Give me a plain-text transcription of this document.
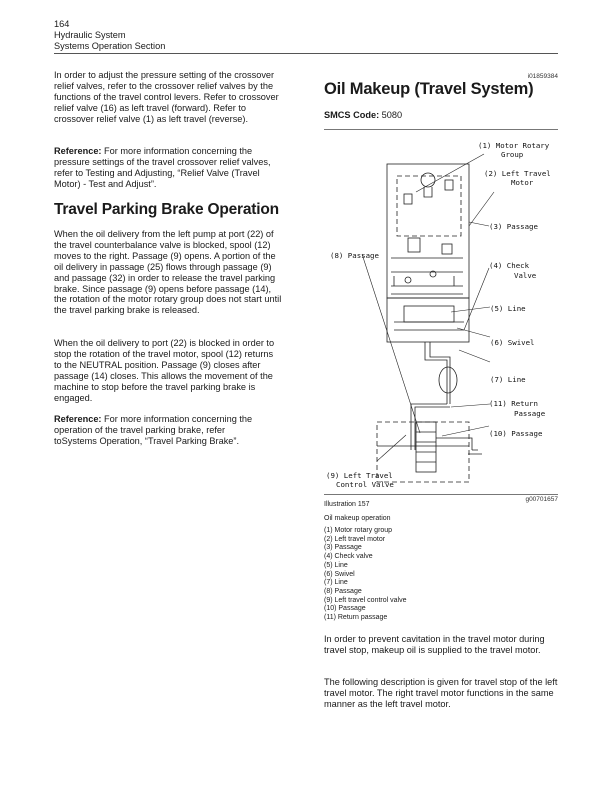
164
Hydraulic System
Systems Operation Section

In order to adjust the pressure setting of the crossover relief valves, refer to the crossover relief valves by the functions of the travel control levers. Refer to crossover relief valve (16) as left travel (forward). Refer to crossover relief valve (1) as left travel (reverse).

Reference: For more information concerning the pressure settings of the travel crossover relief valves, refer to Testing and Adjusting, “Relief Valve (Travel Motor) - Test and Adjust”.

Travel Parking Brake Operation

When the oil delivery from the left pump at port (22) of the travel counterbalance valve is blocked, spool (12) moves to the right. Passage (9) opens. A portion of the oil delivery in passage (25) flows through passage (9) and passage (32) in order to release the travel parking brake. Since passage (9) opens before passage (14), the rotation of the motor rotary group does not start until the travel parking brake is released.

When the oil delivery to port (22) is blocked in order to stop the rotation of the travel motor, spool (12) returns to the NEUTRAL position. Passage (9) closes after passage (14) closes. This allows the movement of the machine to stop before the travel parking brake is engaged.

Reference: For more information concerning the operation of the travel parking brake, refer toSystems Operation, “Travel Parking Brake”.

i01859384
Oil Makeup (Travel System)
SMCS Code: 5080
(1) Motor Rotary
Group
(2) Left Travel
Motor
(3) Passage
(4) Check
Valve
(5) Line
(6) Swivel
(7) Line
(8) Passage
(11) Return
Passage
(10) Passage
(9) Left Travel
Control Valve
g00701657
Illustration 157
Oil makeup operation
(1) Motor rotary group
(2) Left travel motor
(3) Passage
(4) Check valve
(5) Line
(6) Swivel
(7) Line
(8) Passage
(9) Left travel control valve
(10) Passage
(11) Return passage

In order to prevent cavitation in the travel motor during travel stop, makeup oil is supplied to the travel motor.

The following description is given for travel stop of the left travel motor. The right travel motor functions in the same manner as the left travel motor.
